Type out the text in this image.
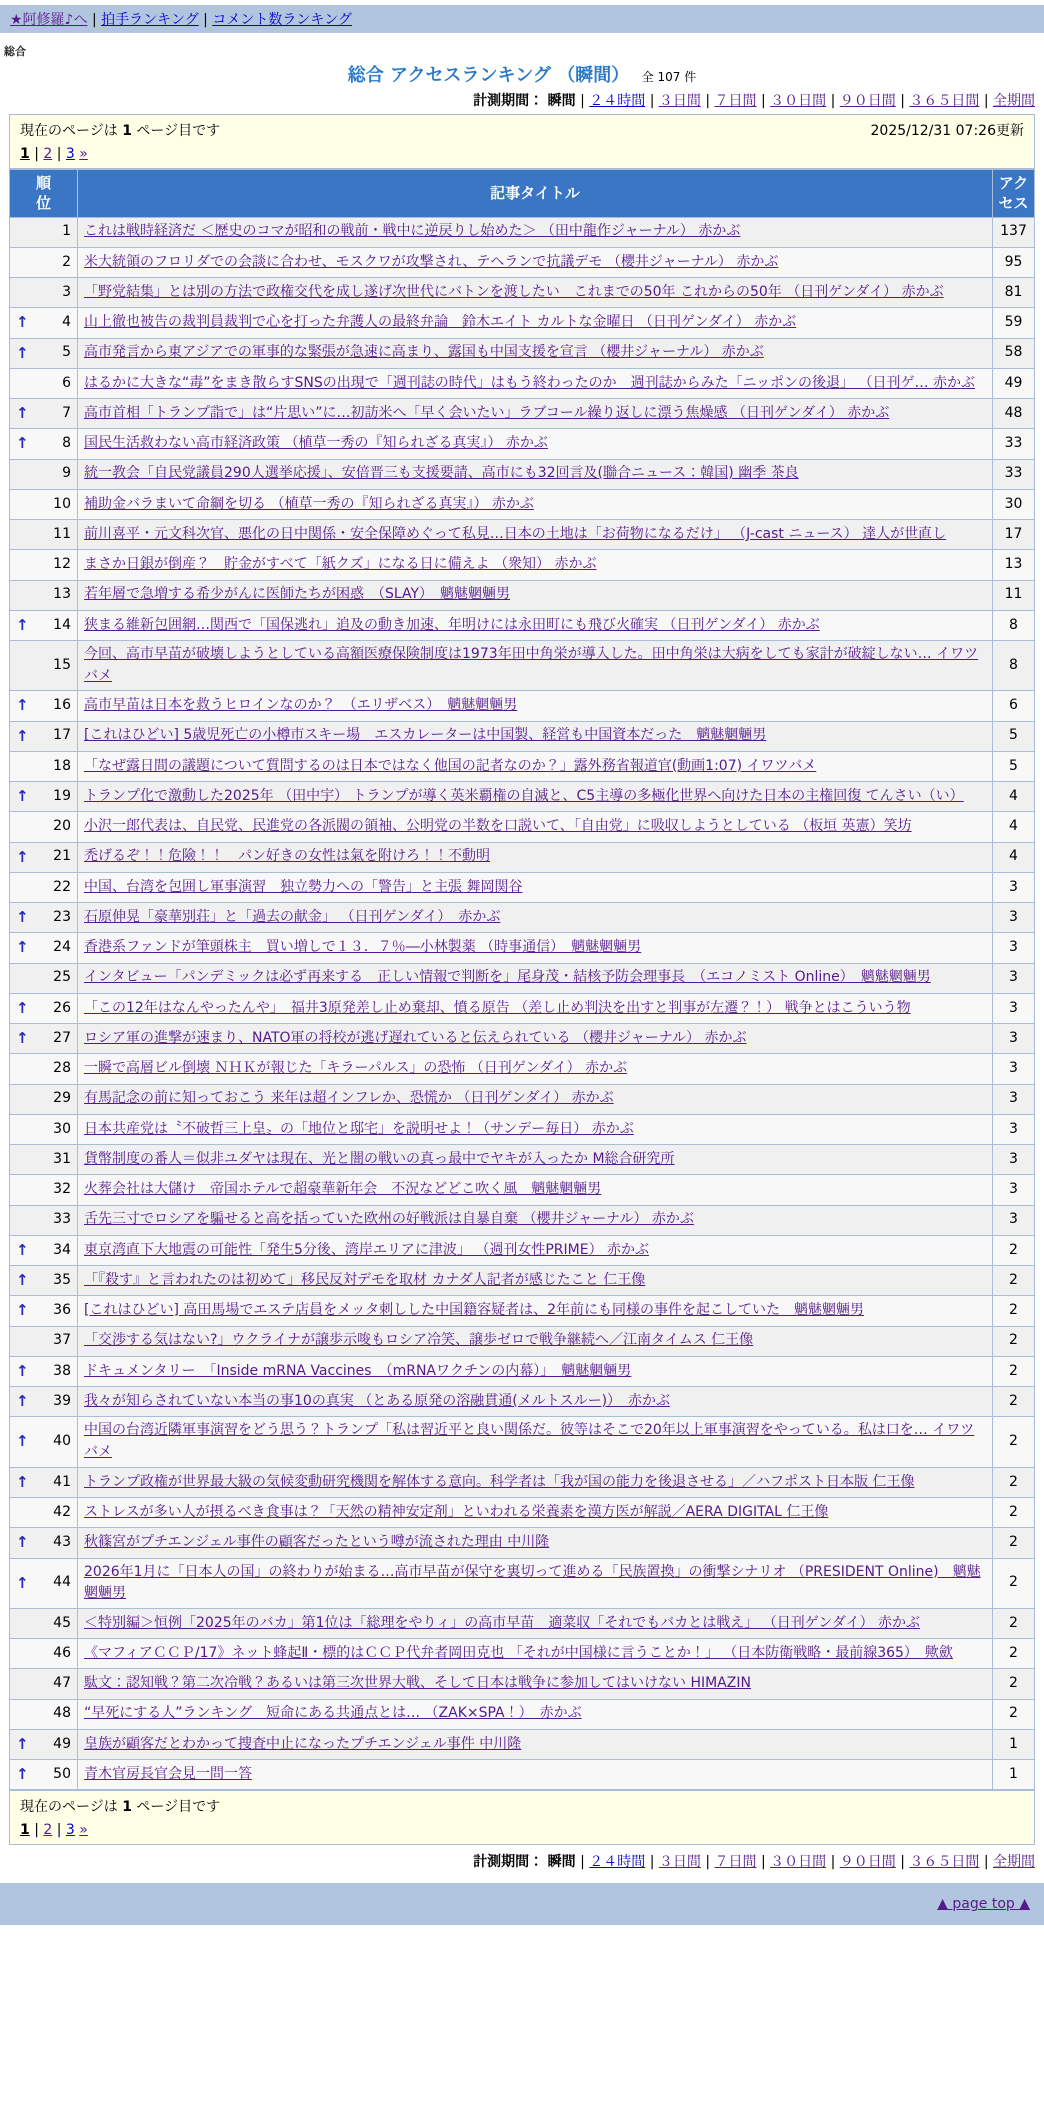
★阿修羅♪へ | 拍手ランキング | コメント数ランキング
総合
総合 アクセスランキング （瞬間） 全 107 件
計測期間： 瞬間 | ２４時間 | ３日間 | ７日間 | ３０日間 | ９０日間 | ３６５日間 | 全期間
現在のページは 1 ページ目です	2025/12/31 07:26更新
1 | 2 | 3 »
順位	記事タイトル	アクセス

1	これは戦時経済だ ＜歴史のコマが昭和の戦前・戦中に逆戻りし始めた＞ （田中龍作ジャーナル） 赤かぶ	137

2	米大統領のフロリダでの会談に合わせ、モスクワが攻撃され、テヘランで抗議デモ （櫻井ジャーナル） 赤かぶ	95

3	「野党結集」とは別の方法で政権交代を成し遂げ次世代にバトンを渡したい　これまでの50年 これからの50年 （日刊ゲンダイ） 赤かぶ	81

↑ 4	山上徹也被告の裁判員裁判で心を打った弁護人の最終弁論　鈴木エイト カルトな金曜日 （日刊ゲンダイ） 赤かぶ	59

↑ 5	高市発言から東アジアでの軍事的な緊張が急速に高まり、露国も中国支援を宣言 （櫻井ジャーナル） 赤かぶ	58

6	はるかに大きな“毒”をまき散らすSNSの出現で「週刊誌の時代」はもう終わったのか　週刊誌からみた「ニッポンの後退」 （日刊ゲ… 赤かぶ	49

↑ 7	高市首相「トランプ詣で」は“片思い”に…初訪米へ「早く会いたい」ラブコール繰り返しに漂う焦燥感 （日刊ゲンダイ） 赤かぶ	48

↑ 8	国民生活救わない高市経済政策 （植草一秀の『知られざる真実』） 赤かぶ	33

9	統一教会「自民党議員290人選挙応援」、安倍晋三も支援要請、高市にも32回言及(聯合ニュース：韓国) 幽季 茶良	33

10	補助金バラまいて命綱を切る （植草一秀の『知られざる真実』） 赤かぶ	30

11	前川喜平・元文科次官、悪化の日中関係・安全保障めぐって私見…日本の土地は「お荷物になるだけ」 （J-cast ニュース） 達人が世直し	17

12	まさか日銀が倒産？　貯金がすべて「紙クズ」になる日に備えよ （衆知） 赤かぶ	13

13	若年層で急増する希少がんに医師たちが困惑　（SLAY）　魑魅魍魎男	11

↑ 14	狭まる維新包囲網…関西で「国保逃れ」追及の動き加速、年明けには永田町にも飛び火確実 （日刊ゲンダイ） 赤かぶ	8

15	今回、高市早苗が破壊しようとしている高額医療保険制度は1973年田中角栄が導入した。田中角栄は大病をしても家計が破綻しない… イワツバメ	8

↑ 16	高市早苗は日本を救うヒロインなのか？　（エリザベス）　魑魅魍魎男	6

↑ 17	[これはひどい] 5歳児死亡の小樽市スキー場　エスカレーターは中国製、経営も中国資本だった　魑魅魍魎男	5

18	「なぜ露日間の議題について質問するのは日本ではなく他国の記者なのか？」露外務省報道官(動画1:07) イワツバメ	5

↑ 19	トランプ化で激動した2025年 （田中宇） トランプが導く英米覇権の自滅と、C5主導の多極化世界へ向けた日本の主権回復 てんさい（い）	4

20	小沢一郎代表は、自民党、民進党の各派閥の領袖、公明党の半数を口説いて、「自由党」に吸収しようとしている （板垣 英憲）笑坊	4

↑ 21	禿げるぞ！！危險！！　パン好きの女性は氣を附けろ！！不動明	4

22	中国、台湾を包囲し軍事演習　独立勢力への「警告」と主張 舞岡関谷	3

↑ 23	石原伸晃「豪華別荘」と「過去の献金」 （日刊ゲンダイ）　赤かぶ	3

↑ 24	香港系ファンドが筆頭株主　買い増しで１３．７％―小林製薬 （時事通信）　魑魅魍魎男	3

25	インタビュー「パンデミックは必ず再来する　正しい情報で判断を」尾身茂・結核予防会理事長　（エコノミスト Online）　魑魅魍魎男	3

↑ 26	「この12年はなんやったんや」　福井3原発差し止め棄却、憤る原告 （差し止め判決を出すと判事が左遷？！） 戦争とはこういう物	3

↑ 27	ロシア軍の進撃が速まり、NATO軍の将校が逃げ遅れていると伝えられている （櫻井ジャーナル） 赤かぶ	3

28	一瞬で高層ビル倒壊 ＮＨＫが報じた「キラーパルス」の恐怖 （日刊ゲンダイ） 赤かぶ	3

29	有馬記念の前に知っておこう 来年は超インフレか、恐慌か （日刊ゲンダイ） 赤かぶ	3

30	日本共産党は〝不破哲三上皇〟の「地位と邸宅」を説明せよ！（サンデー毎日） 赤かぶ	3

31	貨幣制度の番人＝似非ユダヤは現在、光と闇の戦いの真っ最中でヤキが入ったか M総合研究所	3

32	火葬会社は大儲け　帝国ホテルで超豪華新年会　不況などどこ吹く風　魑魅魍魎男	3

33	舌先三寸でロシアを騙せると高を括っていた欧州の好戦派は自暴自棄 （櫻井ジャーナル） 赤かぶ	3

↑ 34	東京湾直下大地震の可能性「発生5分後、湾岸エリアに津波」 （週刊女性PRIME） 赤かぶ	2

↑ 35	「『殺す』と言われたのは初めて」移民反対デモを取材 カナダ人記者が感じたこと 仁王像	2

↑ 36	[これはひどい] 高田馬場でエステ店員をメッタ刺しした中国籍容疑者は、2年前にも同様の事件を起こしていた　魑魅魍魎男	2

37	「交渉する気はない?」ウクライナが譲歩示唆もロシア冷笑、譲歩ゼロで戦争継続へ／江南タイムス 仁王像	2

↑ 38	ドキュメンタリー　「Inside mRNA Vaccines　（mRNAワクチンの内幕）」　魑魅魍魎男	2

↑ 39	我々が知らされていない本当の事10の真実 （とある原発の溶融貫通(メルトスルー)）　赤かぶ	2

↑ 40	中国の台湾近隣軍事演習をどう思う？トランプ「私は習近平と良い関係だ。彼等はそこで20年以上軍事演習をやっている。私は口を… イワツバメ	2

↑ 41	トランプ政権が世界最大級の気候変動研究機関を解体する意向。科学者は「我が国の能力を後退させる」／ハフポスト日本版 仁王像	2

42	ストレスが多い人が摂るべき食事は？「天然の精神安定剤」といわれる栄養素を漢方医が解説／AERA DIGITAL 仁王像	2

↑ 43	秋篠宮がプチエンジェル事件の顧客だったという噂が流された理由 中川隆	2

↑ 44	2026年1月に「日本人の国」の終わりが始まる…高市早苗が保守を裏切って進める「民族置換」の衝撃シナリオ （PRESIDENT Online)　魑魅魍魎男	2

45	＜特別編＞恒例「2025年のバカ」第1位は「総理をやりィ」の高市早苗　適菜収「それでもバカとは戦え」 （日刊ゲンダイ） 赤かぶ	2

46	《マフィアＣＣＰ/17》ネット蜂起Ⅱ・標的はＣＣＰ代弁者岡田克也 「それが中国様に言うことか！」 （日本防衛戦略・最前線365）　歟歛	2

47	駄文：認知戦？第二次冷戦？あるいは第三次世界大戦、そして日本は戦争に参加してはいけない HIMAZIN	2

48	“早死にする人”ランキング　短命にある共通点とは… （ZAK×SPA！）　赤かぶ	2

↑ 49	皇族が顧客だとわかって捜査中止になったプチエンジェル事件 中川隆	1

↑ 50	青木官房長官会見一問一答	1
現在のページは 1 ページ目です
1 | 2 | 3 »
計測期間： 瞬間 | ２４時間 | ３日間 | ７日間 | ３０日間 | ９０日間 | ３６５日間 | 全期間
▲ page top ▲
